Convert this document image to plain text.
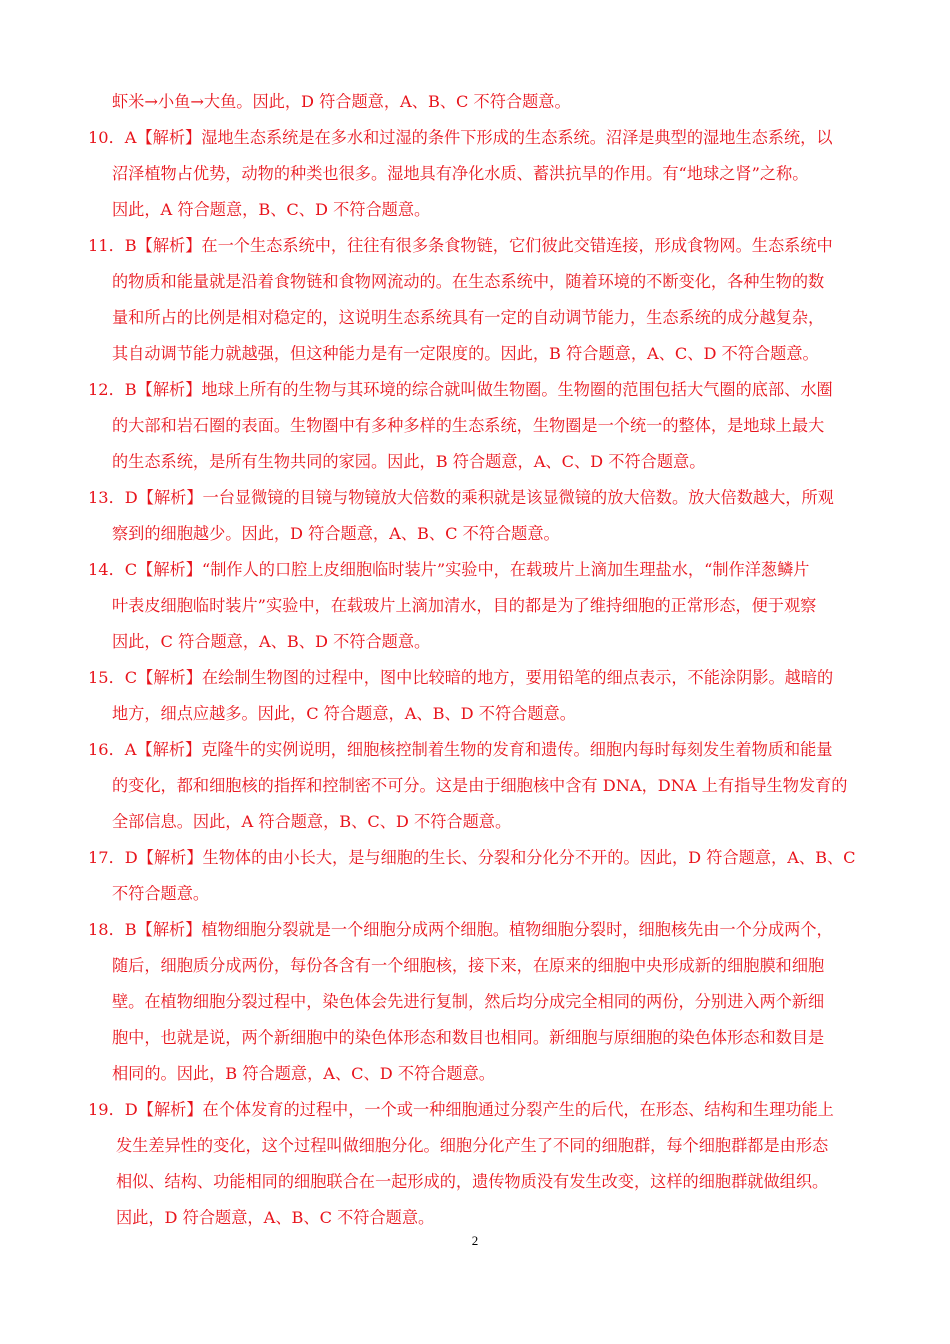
虾米→小鱼→大鱼。因此，D 符合题意，A、B、C 不符合题意。
10．A【解析】湿地生态系统是在多水和过湿的条件下形成的生态系统。沼泽是典型的湿地生态系统，以
沼泽植物占优势，动物的种类也很多。湿地具有净化水质、蓄洪抗旱的作用。有“地球之肾”之称。
因此，A 符合题意，B、C、D 不符合题意。
11．B【解析】在一个生态系统中，往往有很多条食物链，它们彼此交错连接，形成食物网。生态系统中
的物质和能量就是沿着食物链和食物网流动的。在生态系统中，随着环境的不断变化，各种生物的数
量和所占的比例是相对稳定的，这说明生态系统具有一定的自动调节能力，生态系统的成分越复杂，
其自动调节能力就越强，但这种能力是有一定限度的。因此，B 符合题意，A、C、D 不符合题意。
12．B【解析】地球上所有的生物与其环境的综合就叫做生物圈。生物圈的范围包括大气圈的底部、水圈
的大部和岩石圈的表面。生物圈中有多种多样的生态系统，生物圈是一个统一的整体，是地球上最大
的生态系统，是所有生物共同的家园。因此，B 符合题意，A、C、D 不符合题意。
13．D【解析】一台显微镜的目镜与物镜放大倍数的乘积就是该显微镜的放大倍数。放大倍数越大，所观
察到的细胞越少。因此，D 符合题意，A、B、C 不符合题意。
14．C【解析】“制作人的口腔上皮细胞临时装片”实验中，在载玻片上滴加生理盐水，“制作洋葱鳞片
叶表皮细胞临时装片”实验中，在载玻片上滴加清水，目的都是为了维持细胞的正常形态，便于观察
因此，C 符合题意，A、B、D 不符合题意。
15．C【解析】在绘制生物图的过程中，图中比较暗的地方，要用铅笔的细点表示，不能涂阴影。越暗的
地方，细点应越多。因此，C 符合题意，A、B、D 不符合题意。
16．A【解析】克隆牛的实例说明，细胞核控制着生物的发育和遗传。细胞内每时每刻发生着物质和能量
的变化，都和细胞核的指挥和控制密不可分。这是由于细胞核中含有 DNA，DNA 上有指导生物发育的
全部信息。因此，A 符合题意，B、C、D 不符合题意。
17．D【解析】生物体的由小长大，是与细胞的生长、分裂和分化分不开的。因此，D 符合题意，A、B、C
不符合题意。
18．B【解析】植物细胞分裂就是一个细胞分成两个细胞。植物细胞分裂时，细胞核先由一个分成两个，
随后，细胞质分成两份，每份各含有一个细胞核，接下来，在原来的细胞中央形成新的细胞膜和细胞
壁。在植物细胞分裂过程中，染色体会先进行复制，然后均分成完全相同的两份，分别进入两个新细
胞中，也就是说，两个新细胞中的染色体形态和数目也相同。新细胞与原细胞的染色体形态和数目是
相同的。因此，B 符合题意，A、C、D 不符合题意。
19．D【解析】在个体发育的过程中，一个或一种细胞通过分裂产生的后代，在形态、结构和生理功能上
发生差异性的变化，这个过程叫做细胞分化。细胞分化产生了不同的细胞群，每个细胞群都是由形态
相似、结构、功能相同的细胞联合在一起形成的，遗传物质没有发生改变，这样的细胞群就做组织。
因此，D 符合题意，A、B、C 不符合题意。
2
